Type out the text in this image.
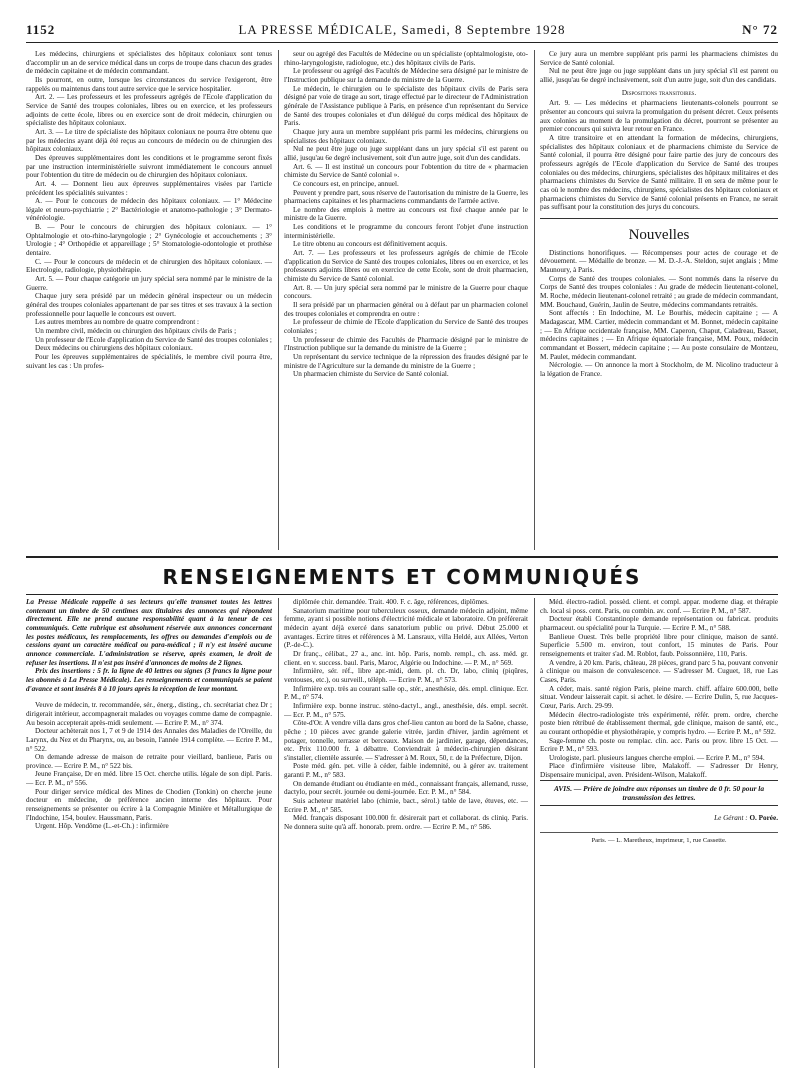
1152	LA PRESSE MÉDICALE, Samedi, 8 Septembre 1928	N° 72

Les médecins, chirurgiens et spécialistes des hôpitaux coloniaux sont tenus d'accomplir un an de service médical dans un corps de troupe dans chacun des grades de médecin capitaine et de médecin commandant.

Ils pourront, en outre, lorsque les circonstances du service l'exigeront, être rappelés ou maintenus dans tout autre service que le service hospitalier.

Art. 2. — Les professeurs et les professeurs agrégés de l'Ecole d'application du Service de Santé des troupes coloniales, libres ou en exercice, et les professeurs adjoints de cette école, libres ou en exercice sont de droit médecin, chirurgien ou spécialiste des hôpitaux coloniaux.

Art. 3. — Le titre de spécialiste des hôpitaux coloniaux ne pourra être obtenu que par les médecins ayant déjà été reçus au concours de médecin ou de chirurgien des hôpitaux coloniaux.

Des épreuves supplémentaires dont les conditions et le programme seront fixés par une instruction interministérielle suivront immédiatement le concours annuel pour l'obtention du titre de médecin ou de chirurgien des hôpitaux coloniaux.

Art. 4. — Donnent lieu aux épreuves supplémentaires visées par l'article précédent les spécialités suivantes :

A. — Pour le concours de médecin des hôpitaux coloniaux. — 1° Médecine légale et neuro-psychiatrie ; 2° Bactériologie et anatomo-pathologie ; 3° Dermato-vénéréologie.

B. — Pour le concours de chirurgien des hôpitaux coloniaux. — 1° Ophtalmologie et oto-rhino-laryngologie ; 2° Gynécologie et accouchements ; 3° Urologie ; 4° Orthopédie et appareillage ; 5° Stomatologie-odontologie et prothèse dentaire.

C. — Pour le concours de médecin et de chirurgien des hôpitaux coloniaux. — Electrologie, radiologie, physiothérapie.

Art. 5. — Pour chaque catégorie un jury spécial sera nommé par le ministre de la Guerre.

Chaque jury sera présidé par un médecin général inspecteur ou un médecin général des troupes coloniales appartenant de par ses titres et ses travaux à la section professionnelle pour laquelle le concours est ouvert.

Les autres membres au nombre de quatre comprendront :

Un membre civil, médecin ou chirurgien des hôpitaux civils de Paris ;

Un professeur de l'Ecole d'application du Service de Santé des troupes coloniales ;

Deux médecins ou chirurgiens des hôpitaux coloniaux.

Pour les épreuves supplémentaires de spécialités, le membre civil pourra être, suivant les cas : Un profes-

seur ou agrégé des Facultés de Médecine ou un spécialiste (ophtalmologiste, oto-rhino-laryngologiste, radiologue, etc.) des hôpitaux civils de Paris.

Le professeur ou agrégé des Facultés de Médecine sera désigné par le ministre de l'Instruction publique sur la demande du ministre de la Guerre.

Le médecin, le chirurgien ou le spécialiste des hôpitaux civils de Paris sera désigné par voie de tirage au sort, tirage effectué par le directeur de l'Administration générale de l'Assistance publique à Paris, en présence d'un représentant du Service de Santé des troupes coloniales et d'un délégué du corps médical des hôpitaux de Paris.

Chaque jury aura un membre suppléant pris parmi les médecins, chirurgiens ou spécialistes des hôpitaux coloniaux.

Nul ne peut être juge ou juge suppléant dans un jury spécial s'il est parent ou allié, jusqu'au 6e degré inclusivement, soit d'un autre juge, soit d'un des candidats.

Art. 6. — Il est institué un concours pour l'obtention du titre de « pharmacien chimiste du Service de Santé colonial ».

Ce concours est, en principe, annuel.

Peuvent y prendre part, sous réserve de l'autorisation du ministre de la Guerre, les pharmaciens capitaines et les pharmaciens commandants de l'armée active.

Le nombre des emplois à mettre au concours est fixé chaque année par le ministre de la Guerre.

Les conditions et le programme du concours feront l'objet d'une instruction interministérielle.

Le titre obtenu au concours est définitivement acquis.

Art. 7. — Les professeurs et les professeurs agrégés de chimie de l'Ecole d'application du Service de Santé des troupes coloniales, libres ou en exercice, et les professeurs adjoints libres ou en exercice de cette Ecole, sont de droit pharmacien, chimiste du Service de Santé colonial.

Art. 8. — Un jury spécial sera nommé par le ministre de la Guerre pour chaque concours.

Il sera présidé par un pharmacien général ou à défaut par un pharmacien colonel des troupes coloniales et comprendra en outre :

Le professeur de chimie de l'Ecole d'application du Service de Santé des troupes coloniales ;

Un professeur de chimie des Facultés de Pharmacie désigné par le ministre de l'Instruction publique sur la demande du ministre de la Guerre ;

Un représentant du service technique de la répression des fraudes désigné par le ministre de l'Agriculture sur la demande du ministre de la Guerre ;

Un pharmacien chimiste du Service de Santé colonial.

Ce jury aura un membre suppléant pris parmi les pharmaciens chimistes du Service de Santé colonial.

Nul ne peut être juge ou juge suppléant dans un jury spécial s'il est parent ou allié, jusqu'au 6e degré inclusivement, soit d'un autre juge, soit d'un des candidats.

Dispositions transitoires.

Art. 9. — Les médecins et pharmaciens lieutenants-colonels pourront se présenter au concours qui suivra la promulgation du présent décret. Ceux présents aux colonies au moment de la promulgation du décret, pourront se présenter au premier concours qui suivra leur retour en France.

A titre transitoire et en attendant la formation de médecins, chirurgiens, spécialistes des hôpitaux coloniaux et de pharmaciens chimiste du Service de Santé colonial, il pourra être désigné pour faire partie des jury de concours des professeurs agrégés de l'Ecole d'application du Service de Santé des troupes coloniales ou des médecins, chirurgiens, spécialistes des hôpitaux militaires et des pharmaciens chimistes du Service de Santé militaire. Il en sera de même pour le cas où le nombre des médecins, chirurgiens, spécialistes des hôpitaux coloniaux et pharmaciens chimistes du Service de Santé colonial présents en France, ne serait pas suffisant pour la constitution des jurys du concours.

Nouvelles

Distinctions honorifiques. — Récompenses pour actes de courage et de dévouement. — Médaille de bronze. — M. D.-J.-A. Steldon, sujet anglais ; Mme Maunoury, à Paris.

Corps de Santé des troupes coloniales. — Sont nommés dans la réserve du Corps de Santé des troupes coloniales : Au grade de médecin lieutenant-colonel, M. Roche, médecin lieutenant-colonel retraité ; au grade de médecin commandant, MM. Bouchaud, Guérin, Jaulin de Seutre, médecins commandants retraités.

Sont affectés : En Indochine, M. Le Bourhis, médecin capitaine ; — A Madagascar, MM. Cartier, médecin commandant et M. Bonnet, médecin capitaine ; — En Afrique occidentale française, MM. Caperon, Chaput, Caladreau, Basset, médecins capitaines ; — En Afrique équatoriale française, MM. Poux, médecin commandant et Bossert, médecin capitaine ; — Au poste consulaire de Montzeu, M. Paulet, médecin commandant.

Nécrologie. — On annonce la mort à Stockholm, de M. Nicolino traducteur à la légation de France.

RENSEIGNEMENTS ET COMMUNIQUÉS

La Presse Médicale rappelle à ses lecteurs qu'elle transmet toutes les lettres contenant un timbre de 50 centimes aux titulaires des annonces qui répondent directement. Elle ne prend aucune responsabilité quant à la teneur de ces communiqués. Cette rubrique est absolument réservée aux annonces concernant les postes médicaux, les remplacements, les offres ou demandes d'emplois ou de cessions ayant un caractère médical ou para-médical ; il n'y est inséré aucune annonce commerciale. L'administration se réserve, après examen, le droit de refuser les insertions. Il n'est pas inséré d'annonces de moins de 2 lignes.

Prix des insertions : 5 fr. la ligne de 40 lettres ou signes (3 francs la ligne pour les abonnés à La Presse Médicale). Les renseignements et communiqués se paient d'avance et sont insérés 8 à 10 jours après la réception de leur montant.

Veuve de médecin, tr. recommandée, sér., énerg., disting., ch. secrétariat chez Dr ; dirigerait intérieur, accompagnerait malades ou voyages comme dame de compagnie. Au besoin accepterait après-midi seulement. — Ecrire P. M., n° 374.

Docteur achèterait nos 1, 7 et 9 de 1914 des Annales des Maladies de l'Oreille, du Larynx, du Nez et du Pharynx, ou, au besoin, l'année 1914 complète. — Ecrire P. M., n° 522.

On demande adresse de maison de retraite pour vieillard, banlieue, Paris ou province. — Ecrire P. M., n° 522 bis.

Jeune Française, Dr en méd. libre 15 Oct. cherche utilis. légale de son dipl. Paris. — Ecr. P. M., n° 556.

Pour diriger service médical des Mines de Chodien (Tonkin) on cherche jeune docteur en médecine, de préférence ancien interne des hôpitaux. Pour renseignements se présenter ou écrire à la Compagnie Minière et Métallurgique de l'Indochine, 154, boulev. Haussmann, Paris.

Urgent. Hôp. Vendôme (L.-et-Ch.) : infirmière

diplômée chir. demandée. Trait. 400. F. c. âge, références, diplômes.

Sanatorium maritime pour tuberculeux osseux, demande médecin adjoint, même femme, ayant si possible notions d'électricité médicale et laboratoire. On préférerait médecin ayant déjà exercé dans sanatorium public ou privé. Début 25.000 et avantages. Ecrire titres et références à M. Lansraux, villa Heldé, aux Allées, Verton (P.-de-C.).

Dr franç., célibat., 27 a., anc. int. hôp. Paris, nomb. rempl., ch. ass. méd. gr. client. en v. success. baul. Paris, Maroc, Algérie ou Indochine. — P. M., n° 569.

Infirmière, sér. réf., libre apr.-midi, dem. pl. ch. Dr, labo, cliniq (piqûres, ventouses, etc.), ou surveill., téléph. — Ecrire P. M., n° 573.

Infirmière exp. très au courant salle op., stér., anesthésie, dés. empl. clinique. Ecr. P. M., n° 574.

Infirmière exp. bonne instruc. sténo-dactyl., angl., anesthésie, dés. empl. secrét. — Ecr. P. M., n° 575.

Côte-d'Or. A vendre villa dans gros chef-lieu canton au bord de la Saône, chasse, pêche ; 10 pièces avec grande galerie vitrée, jardin d'hiver, jardin agrément et potager, tonnelle, terrasse et berceaux. Maison de jardinier, garage, dépendances, etc. Prix 110.000 fr. à débattre. Conviendrait à médecin-chirurgien désirant s'installer, clientèle assurée. — S'adresser à M. Roux, 50, r. de la Préfecture, Dijon.

Poste méd. gén. pet. ville à céder, faible indemnité, ou à gérer av. traitement garanti P. M., n° 583.

On demande étudiant ou étudiante en méd., connaissant français, allemand, russe, dactylo, pour secrét. journée ou demi-journée. Ecr. P. M., n° 584.

Suis acheteur matériel labo (chimie, bact., sérol.) table de lave, étuves, etc. — Ecrire P. M., n° 585.

Méd. français disposant 100.000 fr. désirerait part et collaborat. ds cliniq. Paris. Ne donnera suite qu'à aff. honorab. prem. ordre. — Ecrire P. M., n° 586.

Méd. électro-radiol. possèd. client. et compl. appar. moderne diag. et thérapie ch. local si poss. cent. Paris, ou combin. av. conf. — Ecrire P. M., n° 587.

Docteur établi Constantinople demande représentation ou fabricat. produits pharmaceut. ou spécialité pour la Turquie. — Ecrire P. M., n° 588.

Banlieue Ouest. Très belle propriété libre pour clinique, maison de santé. Superficie 5.500 m. environ, tout confort, 15 minutes de Paris. Pour renseignements et traiter s'ad. M. Roblot, faub. Poissonnière, 110, Paris.

A vendre, à 20 km. Paris, château, 28 pièces, grand parc 5 ha, pouvant convenir à clinique ou maison de convalescence. — S'adresser M. Cuguet, 18, rue Las Cases, Paris.

A céder, mais. santé région Paris, pleine march. chiff. affaire 600.000, belle situat. Vendeur laisserait capit. si achet. le désire. — Ecrire Dulin, 5, rue Jacques-Cœur, Paris. Arch. 29-99.

Médecin électro-radiologiste très expérimenté, référ. prem. ordre, cherche poste bien rétribué de établissement thermal, gde clinique, maison de santé, etc., au courant orthopédie et physiothérapie, y compris hydro. — Ecrire P. M., n° 592.

Sage-femme ch. poste ou remplac. clin. acc. Paris ou prov. libre 15 Oct. — Ecrire P. M., n° 593.

Urologiste, parl. plusieurs langues cherche emploi. — Ecrire P. M., n° 594.

Place d'infirmière visiteuse libre, Malakoff. — S'adresser Dr Henry, Dispensaire municipal, aven. Président-Wilson, Malakoff.

AVIS. — Prière de joindre aux réponses un timbre de 0 fr. 50 pour la transmission des lettres.
Le Gérant : O. Porée.
Paris. — L. Maretheux, imprimeur, 1, rue Cassette.
